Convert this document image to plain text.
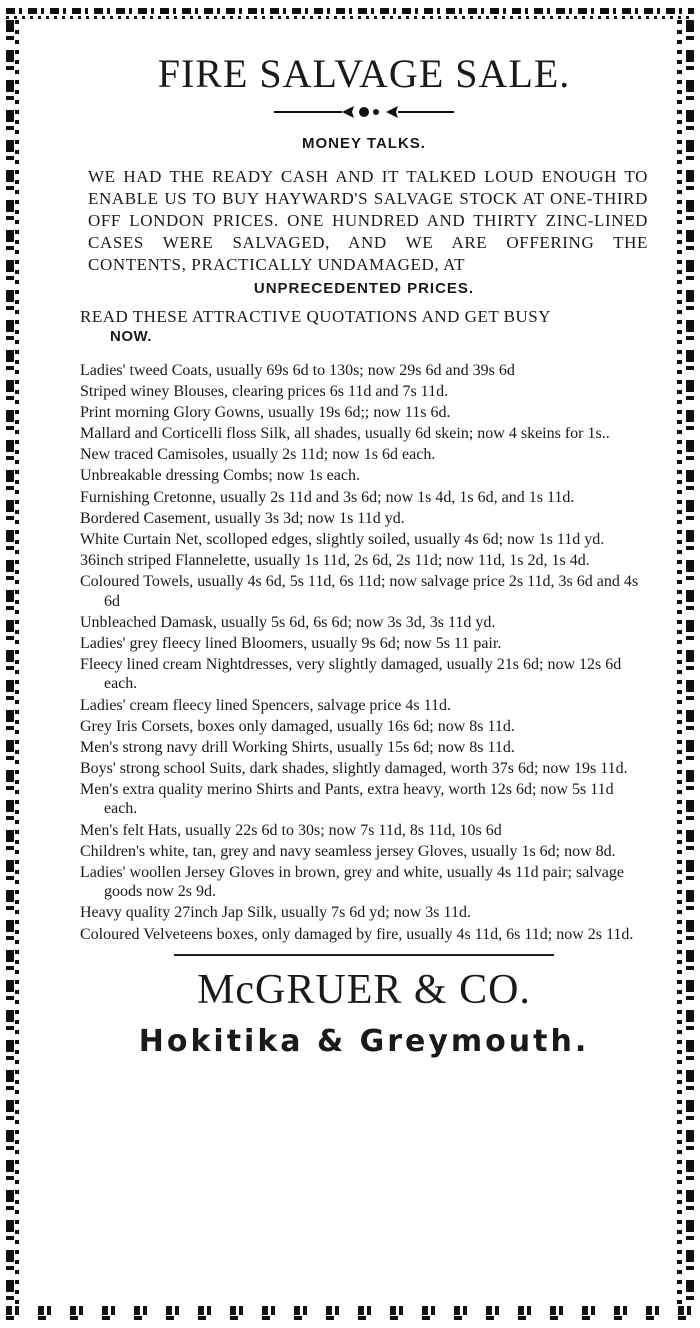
FIRE SALVAGE SALE.
MONEY TALKS.

WE HAD THE READY CASH AND IT TALKED LOUD ENOUGH TO ENABLE US TO BUY HAYWARD'S SALVAGE STOCK AT ONE-THIRD OFF LONDON PRICES. ONE HUNDRED AND THIRTY ZINC-LINED CASES WERE SALVAGED, AND WE ARE OFFERING THE CONTENTS, PRACTICALLY UNDAMAGED, AT

UNPRECEDENTED PRICES.
READ THESE ATTRACTIVE QUOTATIONS AND GET BUSY
NOW.
Ladies' tweed Coats, usually 69s 6d to 130s; now 29s 6d and 39s 6d
Striped winey Blouses, clearing prices 6s 11d and 7s 11d.
Print morning Glory Gowns, usually 19s 6d;; now 11s 6d.
Mallard and Corticelli floss Silk, all shades, usually 6d skein; now 4 skeins for 1s..
New traced Camisoles, usually 2s 11d; now 1s 6d each.
Unbreakable dressing Combs; now 1s each.
Furnishing Cretonne, usually 2s 11d and 3s 6d; now 1s 4d, 1s 6d, and 1s 11d.
Bordered Casement, usually 3s 3d; now 1s 11d yd.
White Curtain Net, scolloped edges, slightly soiled, usually 4s 6d; now 1s 11d yd.
36inch striped Flannelette, usually 1s 11d, 2s 6d, 2s 11d; now 11d, 1s 2d, 1s 4d.
Coloured Towels, usually 4s 6d, 5s 11d, 6s 11d; now salvage price 2s 11d, 3s 6d and 4s 6d
Unbleached Damask, usually 5s 6d, 6s 6d; now 3s 3d, 3s 11d yd.
Ladies' grey fleecy lined Bloomers, usually 9s 6d; now 5s 11 pair.
Fleecy lined cream Nightdresses, very slightly damaged, usually 21s 6d; now 12s 6d each.
Ladies' cream fleecy lined Spencers, salvage price 4s 11d.
Grey Iris Corsets, boxes only damaged, usually 16s 6d; now 8s 11d.
Men's strong navy drill Working Shirts, usually 15s 6d; now 8s 11d.
Boys' strong school Suits, dark shades, slightly damaged, worth 37s 6d; now 19s 11d.
Men's extra quality merino Shirts and Pants, extra heavy, worth 12s 6d; now 5s 11d each.
Men's felt Hats, usually 22s 6d to 30s; now 7s 11d, 8s 11d, 10s 6d
Children's white, tan, grey and navy seamless jersey Gloves, usually 1s 6d; now 8d.
Ladies' woollen Jersey Gloves in brown, grey and white, usually 4s 11d pair; salvage goods now 2s 9d.
Heavy quality 27inch Jap Silk, usually 7s 6d yd; now 3s 11d.
Coloured Velveteens boxes, only damaged by fire, usually 4s 11d, 6s 11d; now 2s 11d.
McGRUER & CO.
Hokitika & Greymouth.
